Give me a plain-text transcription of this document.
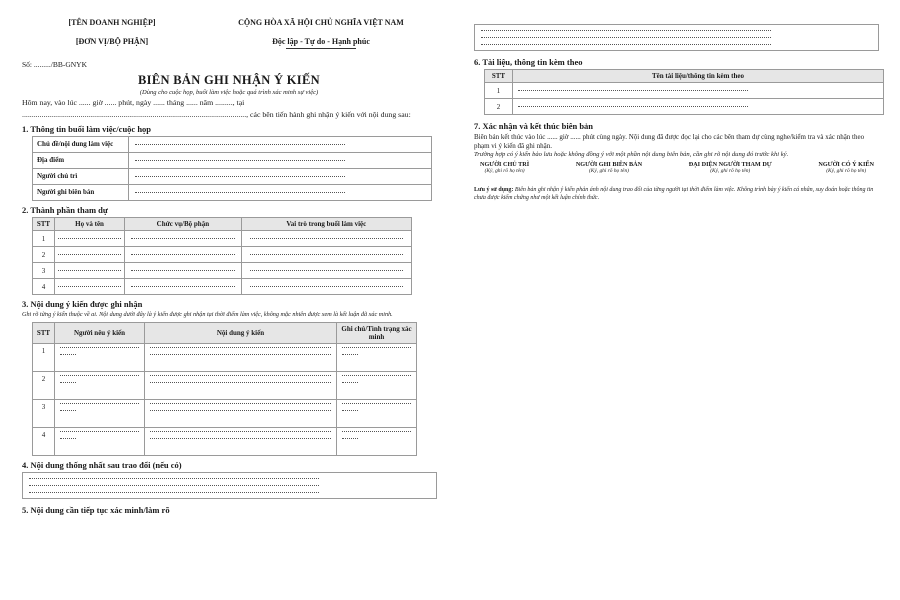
[TÊN DOANH NGHIỆP]
[ĐƠN VỊ/BỘ PHẬN]
CỘNG HÒA XÃ HỘI CHỦ NGHĨA VIỆT NAM
Độc lập - Tự do - Hạnh phúc
Số: ........./BB-GNYK
BIÊN BẢN GHI NHẬN Ý KIẾN
(Dùng cho cuộc họp, buổi làm việc hoặc quá trình xác minh sự việc)
Hôm nay, vào lúc ...... giờ ...... phút, ngày ...... tháng ...... năm ........., tại
..................................................................................................................., các bên tiến hành ghi nhận ý kiến với nội dung sau:
1. Thông tin buổi làm việc/cuộc họp
Chủ đề/nội dung làm việc	

Địa điểm	

Người chủ trì	

Người ghi biên bản	
2. Thành phần tham dự
STT	Họ và tên	Chức vụ/Bộ phận	Vai trò trong buổi làm việc
1	

2	

3	

4	

3. Nội dung ý kiến được ghi nhận
Ghi rõ từng ý kiến thuộc về ai. Nội dung dưới đây là ý kiến được ghi nhận tại thời điểm làm việc, không mặc nhiên được xem là kết luận đã xác minh.
STT	Người nêu ý kiến	Nội dung ý kiến	Ghi chú/Tình trạng xác minh
1	

2	

3	

4	

4. Nội dung thống nhất sau trao đổi (nếu có)
5. Nội dung cần tiếp tục xác minh/làm rõ
6. Tài liệu, thông tin kèm theo
STT	Tên tài liệu/thông tin kèm theo
1	

2	
7. Xác nhận và kết thúc biên bản
Biên bản kết thúc vào lúc ...... giờ ...... phút cùng ngày. Nội dung đã được đọc lại cho các bên tham dự cùng nghe/kiểm tra và xác nhận theo phạm vi ý kiến đã ghi nhận.
Trường hợp có ý kiến bảo lưu hoặc không đồng ý với một phần nội dung biên bản, cần ghi rõ nội dung đó trước khi ký.
NGƯỜI CHỦ TRÌ
(Ký, ghi rõ họ tên)
NGƯỜI GHI BIÊN BẢN
(Ký, ghi rõ họ tên)
ĐẠI DIỆN NGƯỜI THAM DỰ
(Ký, ghi rõ họ tên)
NGƯỜI CÓ Ý KIẾN
(Ký, ghi rõ họ tên)
Lưu ý sử dụng: Biên bản ghi nhận ý kiến phản ánh nội dung trao đổi của từng người tại thời điểm làm việc. Không trình bày ý kiến cá nhân, suy đoán hoặc thông tin chưa được kiểm chứng như một kết luận chính thức.
